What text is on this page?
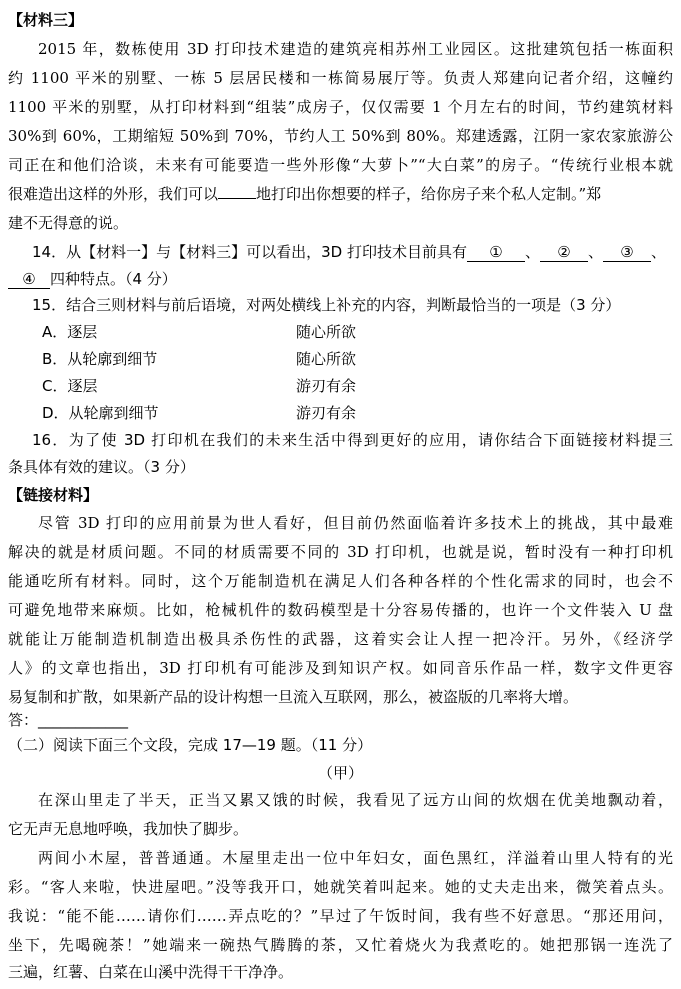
【材料三】
2015 年，数栋使用 3D 打印技术建造的建筑亮相苏州工业园区。这批建筑包括一栋面积
约 1100 平米的别墅、一栋 5 层居民楼和一栋简易展厅等。负责人郑建向记者介绍，这幢约
1100 平米的别墅，从打印材料到“组装”成房子，仅仅需要 1 个月左右的时间，节约建筑材料
30%到 60%，工期缩短 50%到 70%，节约人工 50%到 80%。郑建透露，江阴一家农家旅游公
司正在和他们洽谈，未来有可能要造一些外形像“大萝卜”“大白菜”的房子。“传统行业根本就
很难造出这样的外形，我们可以	地打印出你想要的样子，给你房子来个私人定制。”郑
建不无得意的说。
14．从【材料一】与【材料三】可以看出，3D 打印技术目前具有 ① 、 ② 、 ③ 、
④ 四种特点。（4 分）
15．结合三则材料与前后语境，对两处横线上补充的内容，判断最恰当的一项是（3 分）
A．逐层	随心所欲
B．从轮廓到细节	随心所欲
C．逐层	游刃有余
D．从轮廓到细节	游刃有余
16．为了使 3D 打印机在我们的未来生活中得到更好的应用，请你结合下面链接材料提三
条具体有效的建议。（3 分）
【链接材料】
尽管 3D 打印的应用前景为世人看好，但目前仍然面临着许多技术上的挑战，其中最难
解决的就是材质问题。不同的材质需要不同的 3D 打印机，也就是说，暂时没有一种打印机
能通吃所有材料。同时，这个万能制造机在满足人们各种各样的个性化需求的同时，也会不
可避免地带来麻烦。比如，枪械机件的数码模型是十分容易传播的，也许一个文件装入 U 盘
就能让万能制造机制造出极具杀伤性的武器，这着实会让人捏一把冷汗。另外，《经济学
人》的文章也指出，3D 打印机有可能涉及到知识产权。如同音乐作品一样，数字文件更容
易复制和扩散，如果新产品的设计构想一旦流入互联网，那么，被盗版的几率将大增。
答：____________
（二）阅读下面三个文段，完成 17—19 题。（11 分）
（甲）
在深山里走了半天，正当又累又饿的时候，我看见了远方山间的炊烟在优美地飘动着，
它无声无息地呼唤，我加快了脚步。
两间小木屋，普普通通。木屋里走出一位中年妇女，面色黑红，洋溢着山里人特有的光
彩。“客人来啦，快进屋吧。”没等我开口，她就笑着叫起来。她的丈夫走出来，微笑着点头。
我说：“能不能……请你们……弄点吃的？”早过了午饭时间，我有些不好意思。“那还用问，
坐下，先喝碗茶！”她端来一碗热气腾腾的茶，又忙着烧火为我煮吃的。她把那锅一连洗了
三遍，红薯、白菜在山溪中洗得干干净净。
